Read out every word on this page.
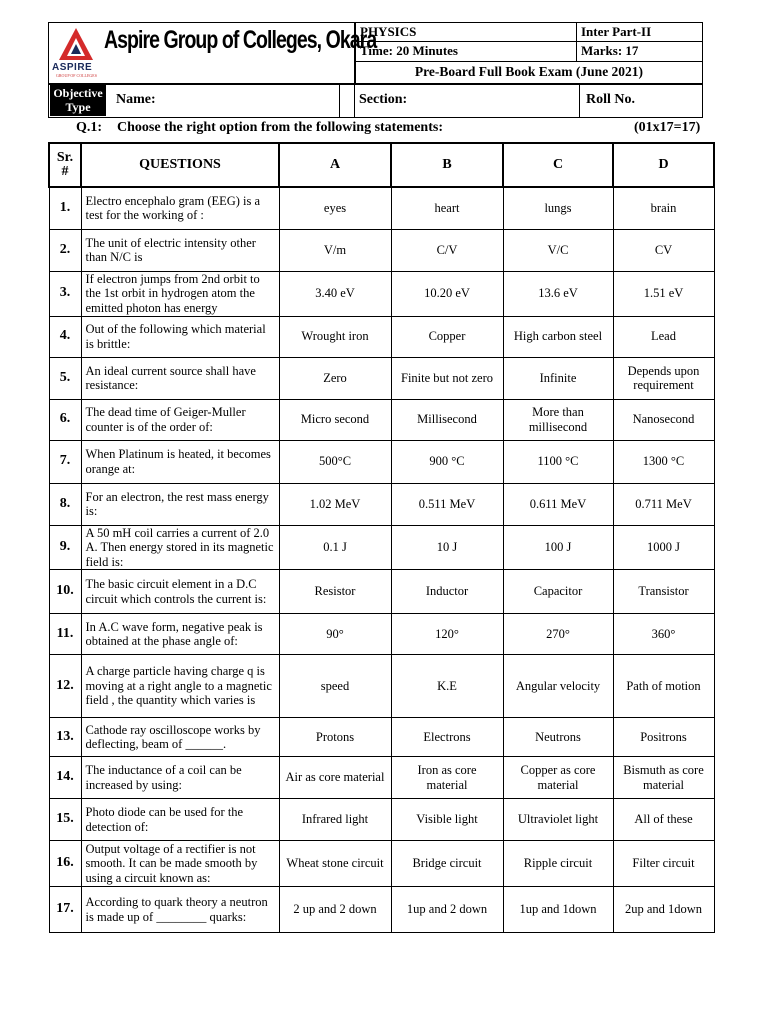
ASPIRE
GROUP OF COLLEGES
Aspire Group of Colleges, Okara
PHYSICS	Inter Part-II
Time: 20 Minutes	Marks: 17
Pre-Board Full Book Exam (June 2021)	
Objective Type	Name:	Section:	Roll No.
Q.1: Choose the right option from the following statements:	(01x17=17)
Sr. #	QUESTIONS	A	B	C	D
1.	Electro encephalo gram (EEG) is a test for the working of :	eyes	heart	lungs	brain
2.	The unit of electric intensity other than N/C is	V/m	C/V	V/C	CV
3.	If electron jumps from 2nd orbit to the 1st orbit in hydrogen atom the emitted photon has energy	3.40 eV	10.20 eV	13.6 eV	1.51 eV
4.	Out of the following which material is brittle:	Wrought iron	Copper	High carbon steel	Lead
5.	An ideal current source shall have resistance:	Zero	Finite but not zero	Infinite	Depends upon requirement
6.	The dead time of Geiger-Muller counter is of the order of:	Micro second	Millisecond	More than millisecond	Nanosecond
7.	When Platinum is heated, it becomes orange at:	500°C	900 °C	1100 °C	1300 °C
8.	For an electron, the rest mass energy is:	1.02 MeV	0.511 MeV	0.611 MeV	0.711 MeV
9.	A 50 mH coil carries a current of 2.0 A. Then energy stored in its magnetic field is:	0.1 J	10 J	100 J	1000 J
10.	The basic circuit element in a D.C circuit which controls the current is:	Resistor	Inductor	Capacitor	Transistor
11.	In A.C wave form, negative peak is obtained at the phase angle of:	90°	120°	270°	360°
12.	A charge particle having charge q is moving at a right angle to a magnetic field , the quantity which varies is	speed	K.E	Angular velocity	Path of motion
13.	Cathode ray oscilloscope works by deflecting, beam of ______.	Protons	Electrons	Neutrons	Positrons
14.	The inductance of a coil can be increased by using:	Air as core material	Iron as core material	Copper as core material	Bismuth as core material
15.	Photo diode can be used for the detection of:	Infrared light	Visible light	Ultraviolet light	All of these
16.	Output voltage of a rectifier is not smooth. It can be made smooth by using a circuit known as:	Wheat stone circuit	Bridge circuit	Ripple circuit	Filter circuit
17.	According to quark theory a neutron is made up of ________ quarks:	2 up and 2 down	1up and 2 down	1up and 1down	2up and 1down
